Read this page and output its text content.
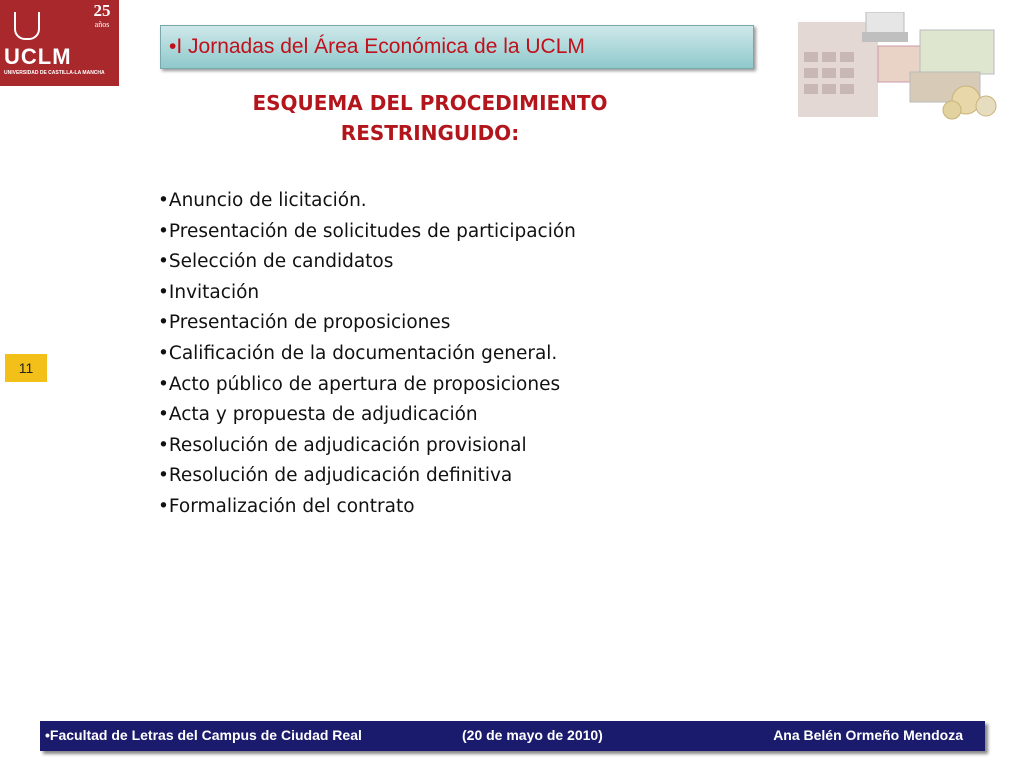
25
años
UCLM
UNIVERSIDAD DE CASTILLA-LA MANCHA
•I Jornadas del Área Económica de la UCLM
ESQUEMA DEL PROCEDIMIENTO
RESTRINGUIDO:
•Anuncio de licitación.
•Presentación de solicitudes de participación
•Selección de candidatos
•Invitación
•Presentación de proposiciones
•Calificación de la documentación general.
•Acto público de apertura de proposiciones
•Acta y propuesta de adjudicación
•Resolución de adjudicación provisional
•Resolución de adjudicación definitiva
•Formalización del contrato
11
•Facultad de Letras del Campus de Ciudad Real	(20 de mayo de 2010)	Ana Belén Ormeño Mendoza
